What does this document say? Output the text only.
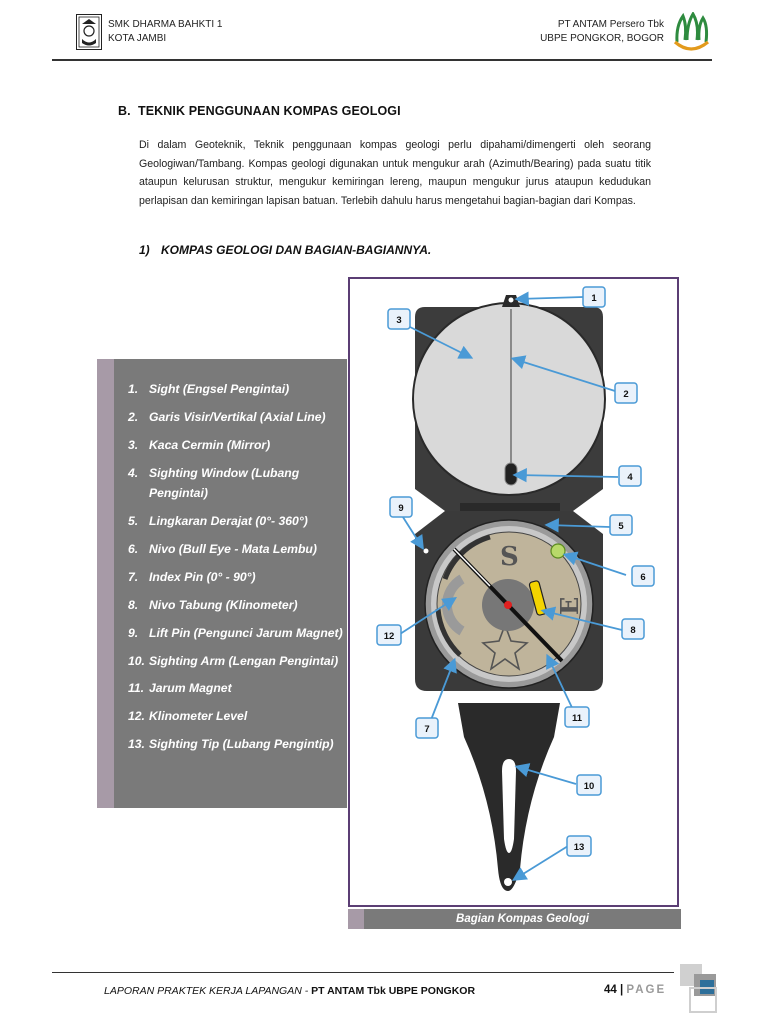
SMK DHARMA BAHKTI 1
KOTA JAMBI
PT ANTAM Persero Tbk
UBPE PONGKOR, BOGOR
B. TEKNIK PENGGUNAAN KOMPAS GEOLOGI
Di dalam Geoteknik, Teknik penggunaan kompas geologi perlu dipahami/dimengerti oleh seorang Geologiwan/Tambang. Kompas geologi digunakan untuk mengukur arah (Azimuth/Bearing) pada suatu titik ataupun kelurusan struktur, mengukur kemiringan lereng, maupun mengukur jurus ataupun kedudukan perlapisan dan kemiringan lapisan batuan. Terlebih dahulu harus mengetahui bagian-bagian dari Kompas.
1) KOMPAS GEOLOGI DAN BAGIAN-BAGIANNYA.
1. Sight (Engsel Pengintai)
2. Garis Visir/Vertikal (Axial Line)
3. Kaca Cermin (Mirror)
4. Sighting Window (Lubang Pengintai)
5. Lingkaran Derajat (0°- 360°)
6. Nivo (Bull Eye - Mata Lembu)
7. Index Pin (0° - 90°)
8. Nivo Tabung (Klinometer)
9. Lift Pin (Pengunci Jarum Magnet)
10. Sighting Arm (Lengan Pengintai)
11. Jarum Magnet
12. Klinometer Level
13. Sighting Tip (Lubang Pengintip)
S
E
1
2
3
4
5
6
7
8
9
10
11
12
13
Bagian Kompas Geologi
LAPORAN PRAKTEK KERJA LAPANGAN - PT ANTAM Tbk UBPE PONGKOR	44 | PAGE
